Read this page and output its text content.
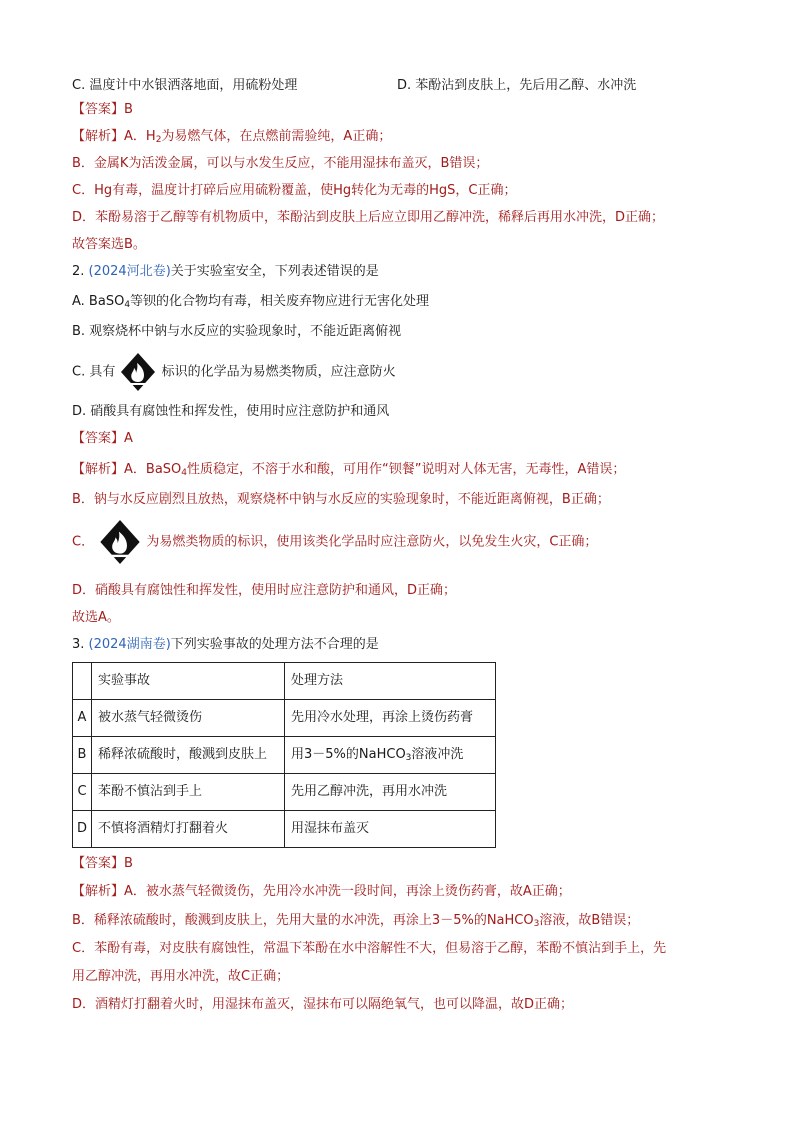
C. 温度计中水银洒落地面，用硫粉处理	D. 苯酚沾到皮肤上，先后用乙醇、水冲洗
【答案】B
【解析】A．$H_2$为易燃气体，在点燃前需验纯，A正确；
B．金属K为活泼金属，可以与水发生反应，不能用湿抹布盖灭，B错误；
C．Hg有毒，温度计打碎后应用硫粉覆盖，使Hg转化为无毒的HgS，C正确；
D．苯酚易溶于乙醇等有机物质中，苯酚沾到皮肤上后应立即用乙醇冲洗，稀释后再用水冲洗，D正确；
故答案选B。
2. (2024河北卷)关于实验室安全，下列表述错误的是
A. BaSO$_4$等钡的化合物均有毒，相关废弃物应进行无害化处理
B. 观察烧杯中钠与水反应的实验现象时，不能近距离俯视
C. 具有	标识的化学品为易燃类物质，应注意防火
D. 硝酸具有腐蚀性和挥发性，使用时应注意防护和通风
【答案】A
【解析】A．BaSO$_4$性质稳定，不溶于水和酸，可用作“钡餐”说明对人体无害，无毒性，A错误；
B．钠与水反应剧烈且放热，观察烧杯中钠与水反应的实验现象时，不能近距离俯视，B正确；
C．	为易燃类物质的标识，使用该类化学品时应注意防火，以免发生火灾，C正确；
D．硝酸具有腐蚀性和挥发性，使用时应注意防护和通风，D正确；
故选A。
3. (2024湖南卷)下列实验事故的处理方法不合理的是
	实验事故	处理方法
A	被水蒸气轻微烫伤	先用冷水处理，再涂上烫伤药膏
B	稀释浓硫酸时，酸溅到皮肤上	用3－5%的NaHCO$_3$溶液冲洗
C	苯酚不慎沾到手上	先用乙醇冲洗，再用水冲洗
D	不慎将酒精灯打翻着火	用湿抹布盖灭
【答案】B
【解析】A．被水蒸气轻微烫伤，先用冷水冲洗一段时间，再涂上烫伤药膏，故A正确；
B．稀释浓硫酸时，酸溅到皮肤上，先用大量的水冲洗，再涂上3－5%的NaHCO$_3$溶液，故B错误；
C．苯酚有毒，对皮肤有腐蚀性，常温下苯酚在水中溶解性不大，但易溶于乙醇，苯酚不慎沾到手上，先
用乙醇冲洗，再用水冲洗，故C正确；
D．酒精灯打翻着火时，用湿抹布盖灭，湿抹布可以隔绝氧气，也可以降温，故D正确；
